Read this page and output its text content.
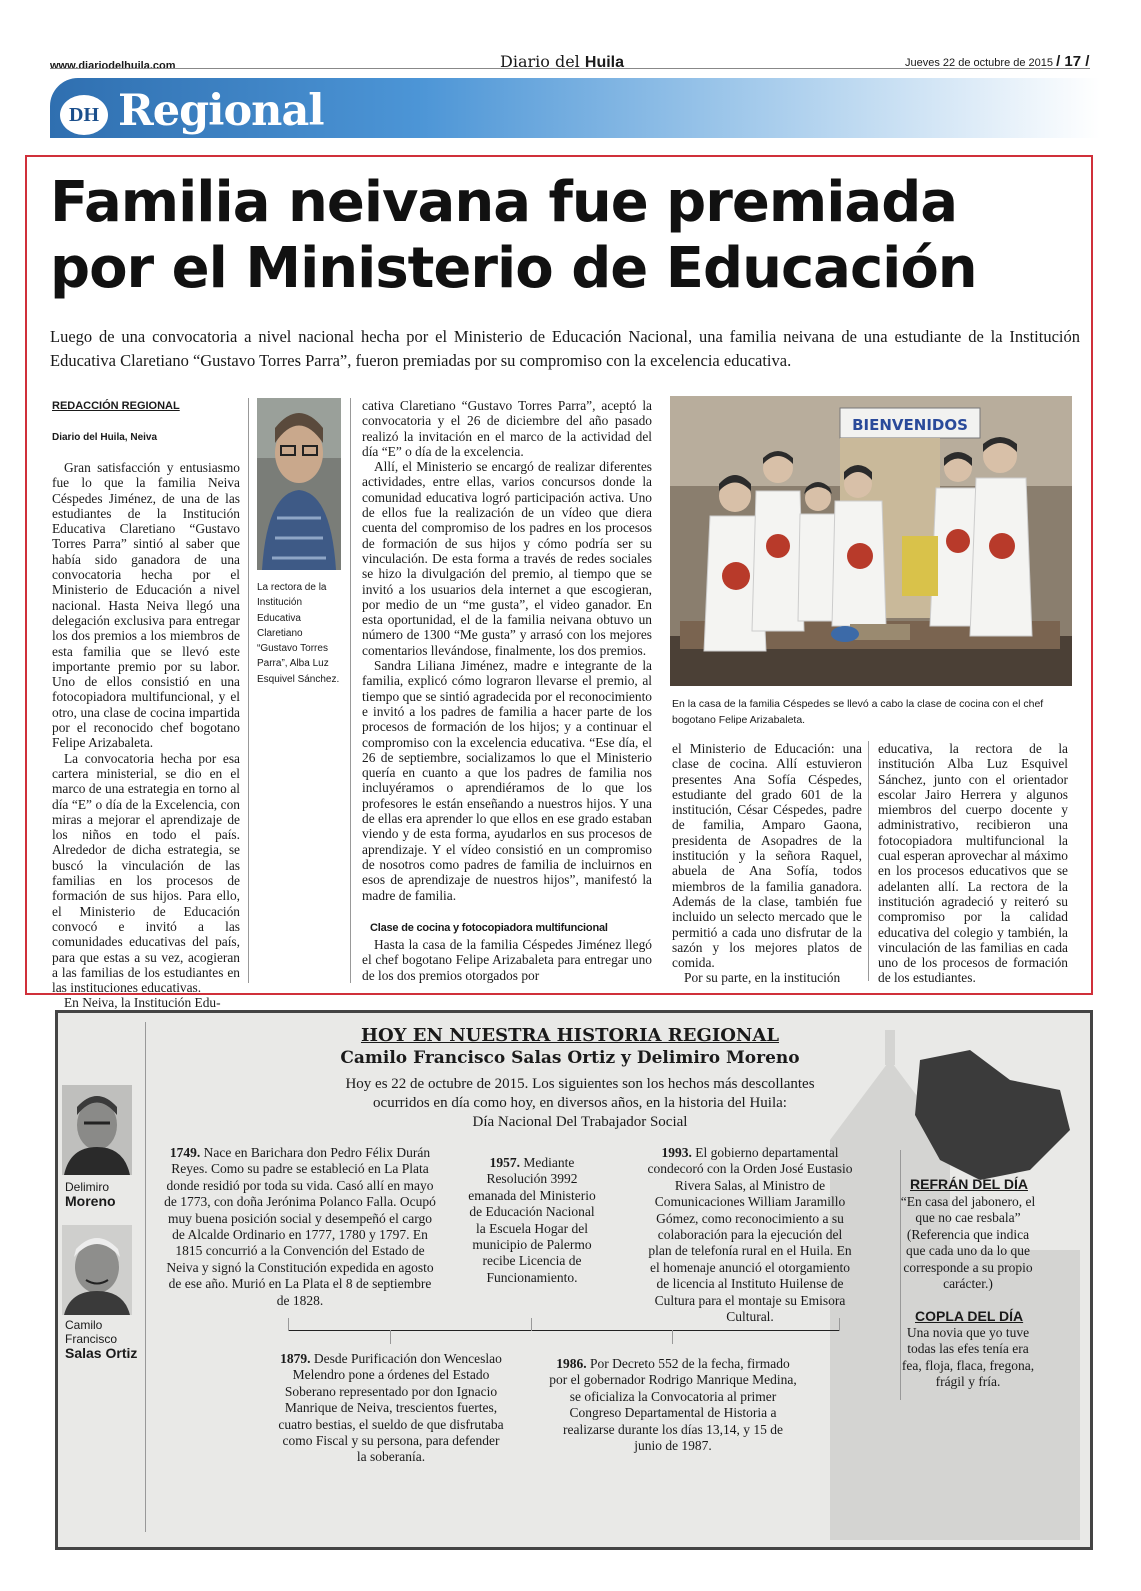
www.diariodelhuila.com	Diario del Huila	Jueves 22 de octubre de 2015 / 17 /
DH Regional
Familia neivana fue premiada
por el Ministerio de Educación
Luego de una convocatoria a nivel nacional hecha por el Ministerio de Educación Nacional, una familia neivana de una estudiante de la Institución Educativa Claretiano “Gustavo Torres Parra”, fueron premiadas por su compromiso con la excelencia educativa.
REDACCIÓN REGIONAL
Diario del Huila, Neiva

Gran satisfacción y entusiasmo fue lo que la familia Neiva Céspedes Jiménez, de una de las estudiantes de la Institución Educativa Claretiano “Gustavo Torres Parra” sintió al saber que había sido ganadora de una convocatoria hecha por el Ministerio de Educación a nivel nacional. Hasta Neiva llegó una delegación exclusiva para entregar los dos premios a los miembros de esta familia que se llevó este importante premio por su labor. Uno de ellos consistió en una fotocopiadora multifuncional, y el otro, una clase de cocina impartida por el reconocido chef bogotano Felipe Arizabaleta.

La convocatoria hecha por esa cartera ministerial, se dio en el marco de una estrategia en torno al día “E” o día de la Excelencia, con miras a mejorar el aprendizaje de los niños en todo el país. Alrededor de dicha estrategia, se buscó la vinculación de las familias en los procesos de formación de sus hijos. Para ello, el Ministerio de Educación convocó e invitó a las comunidades educativas del país, para que estas a su vez, acogieran a las familias de los estudiantes en las instituciones educativas.

En Neiva, la Institución Edu-

La rectora de la Institución Educativa Claretiano “Gustavo Torres Parra”, Alba Luz Esquivel Sánchez.

cativa Claretiano “Gustavo Torres Parra”, aceptó la convocatoria y el 26 de diciembre del año pasado realizó la invitación en el marco de la actividad del día “E” o día de la excelencia.

Allí, el Ministerio se encargó de realizar diferentes actividades, entre ellas, varios concursos donde la comunidad educativa logró participación activa. Uno de ellos fue la realización de un vídeo que diera cuenta del compromiso de los padres en los procesos de formación de sus hijos y cómo podría ser su vinculación. De esta forma a través de redes sociales se hizo la divulgación del premio, al tiempo que se invitó a los usuarios dela internet a que escogieran, por medio de un “me gusta”, el video ganador. En esta oportunidad, el de la familia neivana obtuvo un número de 1300 “Me gusta” y arrasó con los mejores comentarios llevándose, finalmente, los dos premios.

Sandra Liliana Jiménez, madre e integrante de la familia, explicó cómo lograron llevarse el premio, al tiempo que se sintió agradecida por el reconocimiento e invitó a los padres de familia a hacer parte de los procesos de formación de los hijos; y a continuar el compromiso con la excelencia educativa. “Ese día, el 26 de septiembre, socializamos lo que el Ministerio quería en cuanto a que los padres de familia nos incluyéramos o aprendiéramos de lo que los profesores le están enseñando a nuestros hijos. Y una de ellas era aprender lo que ellos en ese grado estaban viendo y de esta forma, ayudarlos en sus procesos de aprendizaje. Y el vídeo consistió en un compromiso de nosotros como padres de familia de incluirnos en esos de aprendizaje de nuestros hijos”, manifestó la madre de familia.

Clase de cocina y fotocopiadora multifuncional

Hasta la casa de la familia Céspedes Jiménez llegó el chef bogotano Felipe Arizabaleta para entregar uno de los dos premios otorgados por

BIENVENIDOS
En la casa de la familia Céspedes se llevó a cabo la clase de cocina con el chef bogotano Felipe Arizabaleta.

el Ministerio de Educación: una clase de cocina. Allí estuvieron presentes Ana Sofía Céspedes, estudiante del grado 601 de la institución, César Céspedes, padre de familia, Amparo Gaona, presidenta de Asopadres de la institución y la señora Raquel, abuela de Ana Sofía, todos miembros de la familia ganadora. Además de la clase, también fue incluido un selecto mercado que le permitió a cada uno disfrutar de la sazón y los mejores platos de comida.

Por su parte, en la institución

educativa, la rectora de la institución Alba Luz Esquivel Sánchez, junto con el orientador escolar Jairo Herrera y algunos miembros del cuerpo docente y administrativo, recibieron una fotocopiadora multifuncional la cual esperan aprovechar al máximo en los procesos educativos que se adelanten allí. La rectora de la institución agradeció y reiteró su compromiso por la calidad educativa del colegio y también, la vinculación de las familias en cada uno de los procesos de formación de los estudiantes.

HOY EN NUESTRA HISTORIA REGIONAL
Camilo Francisco Salas Ortiz y Delimiro Moreno
Hoy es 22 de octubre de 2015. Los siguientes son los hechos más descollantes
ocurridos en día como hoy, en diversos años, en la historia del Huila:
Día Nacional Del Trabajador Social
Delimiro
Moreno
Camilo
Francisco
Salas Ortiz
1749. Nace en Barichara don Pedro Félix Durán Reyes. Como su padre se estableció en La Plata donde residió por toda su vida. Casó allí en mayo de 1773, con doña Jerónima Polanco Falla. Ocupó muy buena posición social y desempeñó el cargo de Alcalde Ordinario en 1777, 1780 y 1797. En 1815 concurrió a la Convención del Estado de Neiva y signó la Constitución expedida en agosto de ese año. Murió en La Plata el 8 de septiembre de 1828.
1957. Mediante Resolución 3992 emanada del Ministerio de Educación Nacional la Escuela Hogar del municipio de Palermo recibe Licencia de Funcionamiento.
1993. El gobierno departamental condecoró con la Orden José Eustasio Rivera Salas, al Ministro de Comunicaciones William Jaramillo Gómez, como reconocimiento a su colaboración para la ejecución del plan de telefonía rural en el Huila. En el homenaje anunció el otorgamiento de licencia al Instituto Huilense de Cultura para el montaje su Emisora Cultural.
1879. Desde Purificación don Wenceslao Melendro pone a órdenes del Estado Soberano representado por don Ignacio Manrique de Neiva, trescientos fuertes, cuatro bestias, el sueldo de que disfrutaba como Fiscal y su persona, para defender la soberanía.
1986. Por Decreto 552 de la fecha, firmado por el gobernador Rodrigo Manrique Medina, se oficializa la Convocatoria al primer Congreso Departamental de Historia a realizarse durante los días 13,14, y 15 de junio de 1987.
REFRÁN DEL DÍA
“En casa del jabonero, el que no cae resbala” (Referencia que indica que cada uno da lo que corresponde a su propio carácter.)
COPLA DEL DÍA
Una novia que yo tuve todas las efes tenía era fea, floja, flaca, fregona, frágil y fría.
